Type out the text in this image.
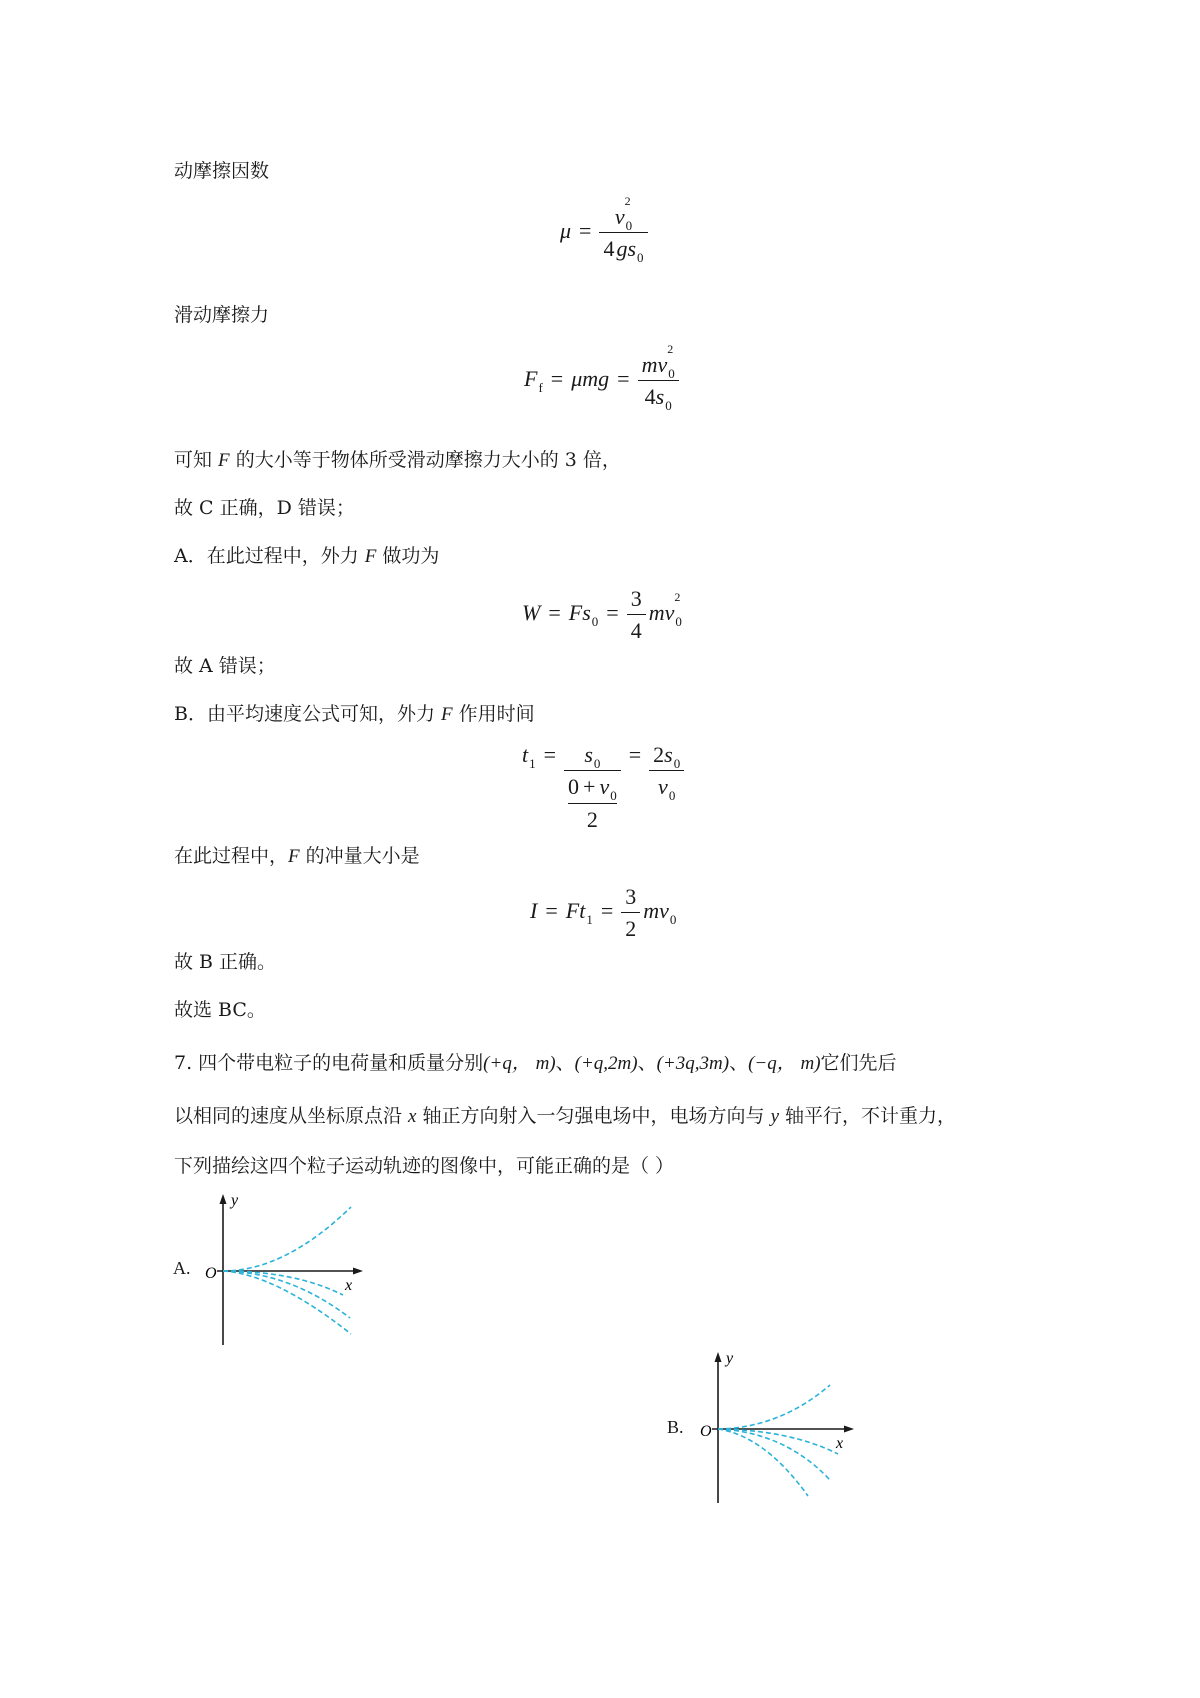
动摩擦因数
μ = v
2
$_0$
$4gs_0$
滑动摩擦力
$F_f = \mu mg$ = mv
2
$_0$
$4s_0$
可知 F 的大小等于物体所受滑动摩擦力大小的 3 倍，
故 C 正确，D 错误；
A．在此过程中，外力 F 做功为
$W = Fs_0 = \frac{3}{4}$ mv
2
$_0$
故 A 错误；
B．由平均速度公式可知，外力 F 作用时间
$t_1 = s_0$
$0 + v_0$
$2 = \frac{2s_0}{v_0}$
在此过程中，F 的冲量大小是
$I = Ft_1 = \frac{3}{2} mv_0$
故 B 正确。
故选 BC。
7. 四个带电粒子的电荷量和质量分别(+q， m)、(+q,2m)、(+3q,3m)、(−q， m)它们先后
以相同的速度从坐标原点沿 x 轴正方向射入一匀强电场中，电场方向与 y 轴平行，不计重力，
下列描绘这四个粒子运动轨迹的图像中，可能正确的是（ ）
A.
y
x
O
B.
y
x
O
